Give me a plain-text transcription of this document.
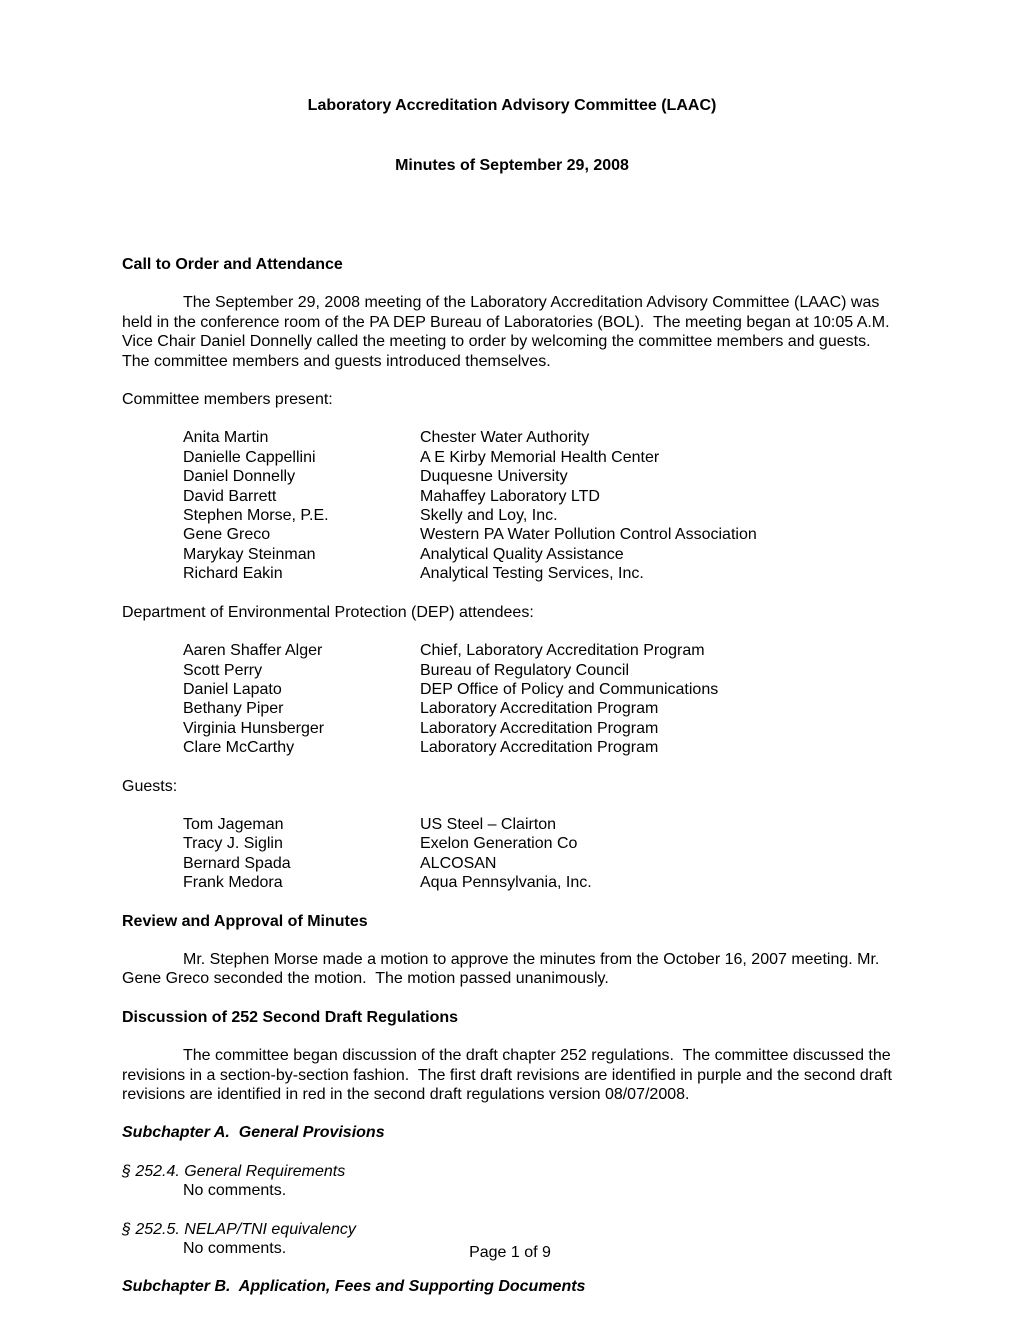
Laboratory Accreditation Advisory Committee (LAAC)

Minutes of September 29, 2008

Call to Order and Attendance

The September 29, 2008 meeting of the Laboratory Accreditation Advisory Committee (LAAC) was held in the conference room of the PA DEP Bureau of Laboratories (BOL).  The meeting began at 10:05 A.M.  Vice Chair Daniel Donnelly called the meeting to order by welcoming the committee members and guests.  The committee members and guests introduced themselves.

Committee members present:
Anita Martin	Chester Water Authority
Danielle Cappellini	A E Kirby Memorial Health Center
Daniel Donnelly	Duquesne University
David Barrett	Mahaffey Laboratory LTD
Stephen Morse, P.E.	Skelly and Loy, Inc.
Gene Greco	Western PA Water Pollution Control Association
Marykay Steinman	Analytical Quality Assistance
Richard Eakin	Analytical Testing Services, Inc.
Department of Environmental Protection (DEP) attendees:
Aaren Shaffer Alger	Chief, Laboratory Accreditation Program
Scott Perry	Bureau of Regulatory Council
Daniel Lapato	DEP Office of Policy and Communications
Bethany Piper	Laboratory Accreditation Program
Virginia Hunsberger	Laboratory Accreditation Program
Clare McCarthy	Laboratory Accreditation Program
Guests:
Tom Jageman	US Steel – Clairton
Tracy J. Siglin	Exelon Generation Co
Bernard Spada	ALCOSAN
Frank Medora	Aqua Pennsylvania, Inc.
Review and Approval of Minutes

Mr. Stephen Morse made a motion to approve the minutes from the October 16, 2007 meeting. Mr. Gene Greco seconded the motion.  The motion passed unanimously.

Discussion of 252 Second Draft Regulations

The committee began discussion of the draft chapter 252 regulations.  The committee discussed the revisions in a section-by-section fashion.  The first draft revisions are identified in purple and the second draft revisions are identified in red in the second draft regulations version 08/07/2008.

Subchapter A.  General Provisions
§ 252.4. General Requirements
No comments.
§ 252.5. NELAP/TNI equivalency
No comments.
Subchapter B.  Application, Fees and Supporting Documents
Page 1 of 9
